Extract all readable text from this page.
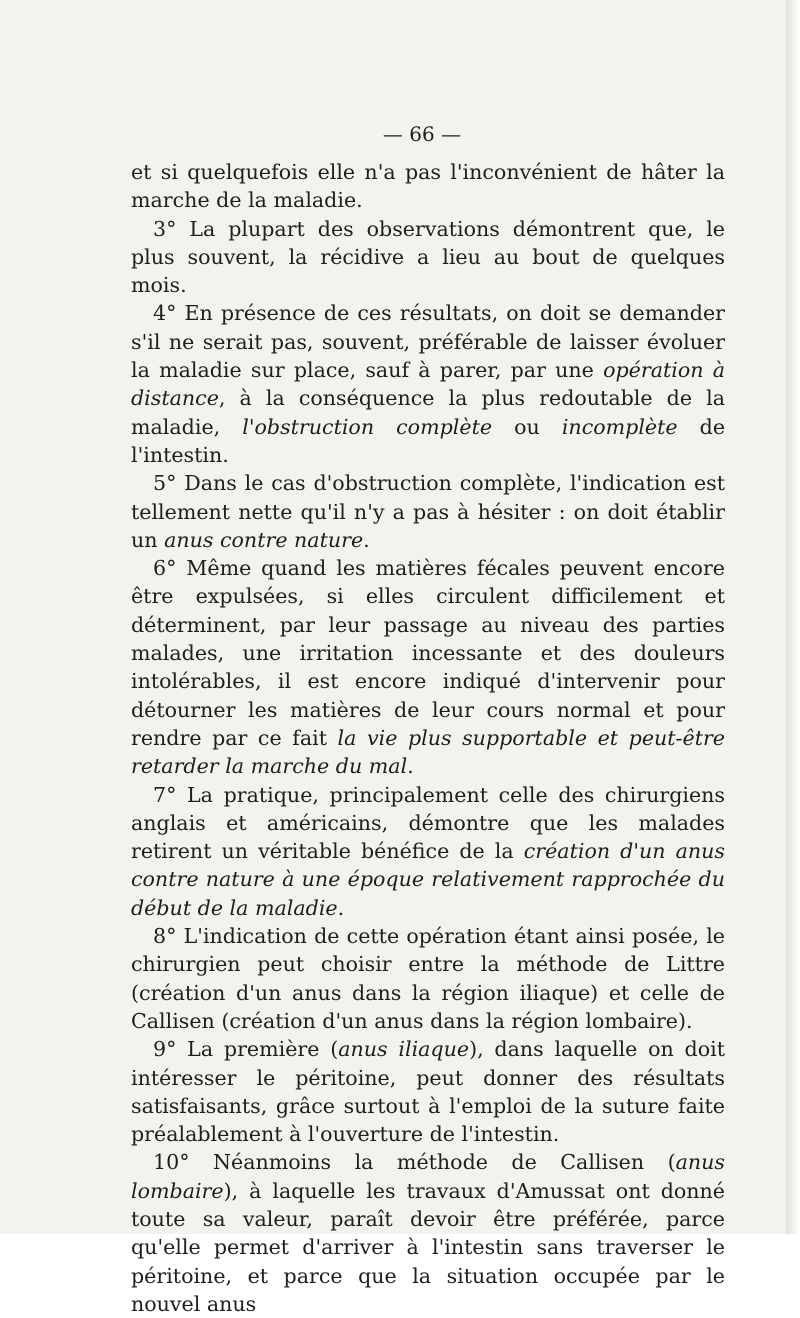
— 66 —

et si quelquefois elle n'a pas l'inconvénient de hâter la marche de la maladie.

3° La plupart des observations démontrent que, le plus souvent, la récidive a lieu au bout de quelques mois.

4° En présence de ces résultats, on doit se demander s'il ne serait pas, souvent, préférable de laisser évoluer la maladie sur place, sauf à parer, par une opération à distance, à la conséquence la plus redoutable de la maladie, l'obstruction complète ou incomplète de l'intestin.

5° Dans le cas d'obstruction complète, l'indication est tellement nette qu'il n'y a pas à hésiter : on doit établir un anus contre nature.

6° Même quand les matières fécales peuvent encore être expulsées, si elles circulent difficilement et déterminent, par leur passage au niveau des parties malades, une irritation incessante et des douleurs intolérables, il est encore indiqué d'intervenir pour détourner les matières de leur cours normal et pour rendre par ce fait la vie plus supportable et peut-être retarder la marche du mal.

7° La pratique, principalement celle des chirurgiens anglais et américains, démontre que les malades retirent un véritable bénéfice de la création d'un anus contre nature à une époque relativement rapprochée du début de la maladie.

8° L'indication de cette opération étant ainsi posée, le chirurgien peut choisir entre la méthode de Littre (création d'un anus dans la région iliaque) et celle de Callisen (création d'un anus dans la région lombaire).

9° La première (anus iliaque), dans laquelle on doit intéresser le péritoine, peut donner des résultats satisfaisants, grâce surtout à l'emploi de la suture faite préalablement à l'ouverture de l'intestin.

10° Néanmoins la méthode de Callisen (anus lombaire), à laquelle les travaux d'Amussat ont donné toute sa valeur, paraît devoir être préférée, parce qu'elle permet d'arriver à l'intestin sans traverser le péritoine, et parce que la situation occupée par le nouvel anus
